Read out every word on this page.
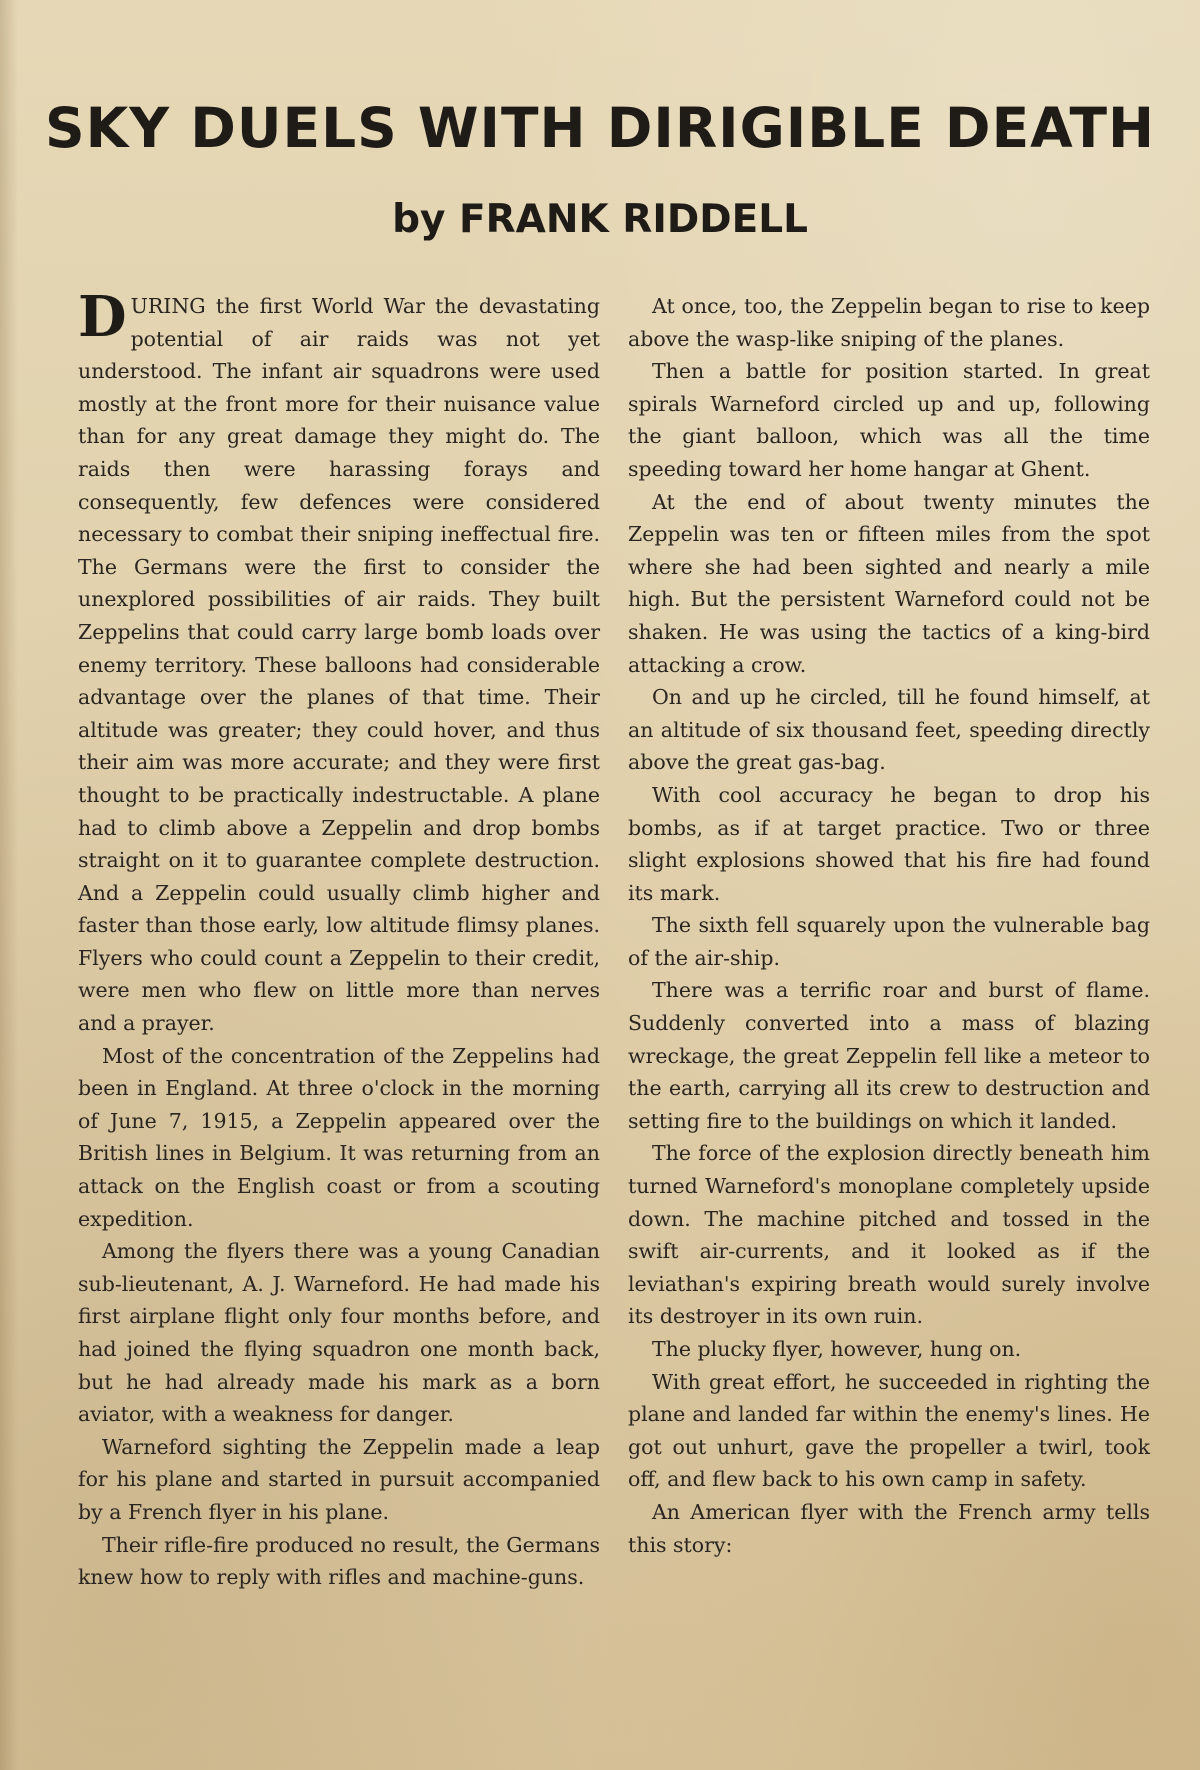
SKY DUELS WITH DIRIGIBLE DEATH
by FRANK RIDDELL

DURING the first World War the devastating potential of air raids was not yet understood. The infant air squadrons were used mostly at the front more for their nuisance value than for any great damage they might do. The raids then were harassing forays and consequently, few defences were considered necessary to combat their sniping ineffectual fire. The Germans were the first to consider the unexplored possibilities of air raids. They built Zeppelins that could carry large bomb loads over enemy territory. These balloons had considerable advantage over the planes of that time. Their altitude was greater; they could hover, and thus their aim was more accurate; and they were first thought to be practically indestructable. A plane had to climb above a Zeppelin and drop bombs straight on it to guarantee complete destruction. And a Zeppelin could usually climb higher and faster than those early, low altitude flimsy planes. Flyers who could count a Zeppelin to their credit, were men who flew on little more than nerves and a prayer.

Most of the concentration of the Zeppelins had been in England. At three o'clock in the morning of June 7, 1915, a Zeppelin appeared over the British lines in Belgium. It was returning from an attack on the English coast or from a scouting expedition.

Among the flyers there was a young Canadian sub-lieutenant, A. J. Warneford. He had made his first airplane flight only four months before, and had joined the flying squadron one month back, but he had already made his mark as a born aviator, with a weakness for danger.

Warneford sighting the Zeppelin made a leap for his plane and started in pursuit accompanied by a French flyer in his plane.

Their rifle-fire produced no result, the Germans knew how to reply with rifles and machine-guns.

At once, too, the Zeppelin began to rise to keep above the wasp-like sniping of the planes.

Then a battle for position started. In great spirals Warneford circled up and up, following the giant balloon, which was all the time speeding toward her home hangar at Ghent.

At the end of about twenty minutes the Zeppelin was ten or fifteen miles from the spot where she had been sighted and nearly a mile high. But the persistent Warneford could not be shaken. He was using the tactics of a king-bird attacking a crow.

On and up he circled, till he found himself, at an altitude of six thousand feet, speeding directly above the great gas-bag.

With cool accuracy he began to drop his bombs, as if at target practice. Two or three slight explosions showed that his fire had found its mark.

The sixth fell squarely upon the vulnerable bag of the air-ship.

There was a terrific roar and burst of flame. Suddenly converted into a mass of blazing wreckage, the great Zeppelin fell like a meteor to the earth, carrying all its crew to destruction and setting fire to the buildings on which it landed.

The force of the explosion directly beneath him turned Warneford's monoplane completely upside down. The machine pitched and tossed in the swift air-currents, and it looked as if the leviathan's expiring breath would surely involve its destroyer in its own ruin.

The plucky flyer, however, hung on.

With great effort, he succeeded in righting the plane and landed far within the enemy's lines. He got out unhurt, gave the propeller a twirl, took off, and flew back to his own camp in safety.

An American flyer with the French army tells this story:
